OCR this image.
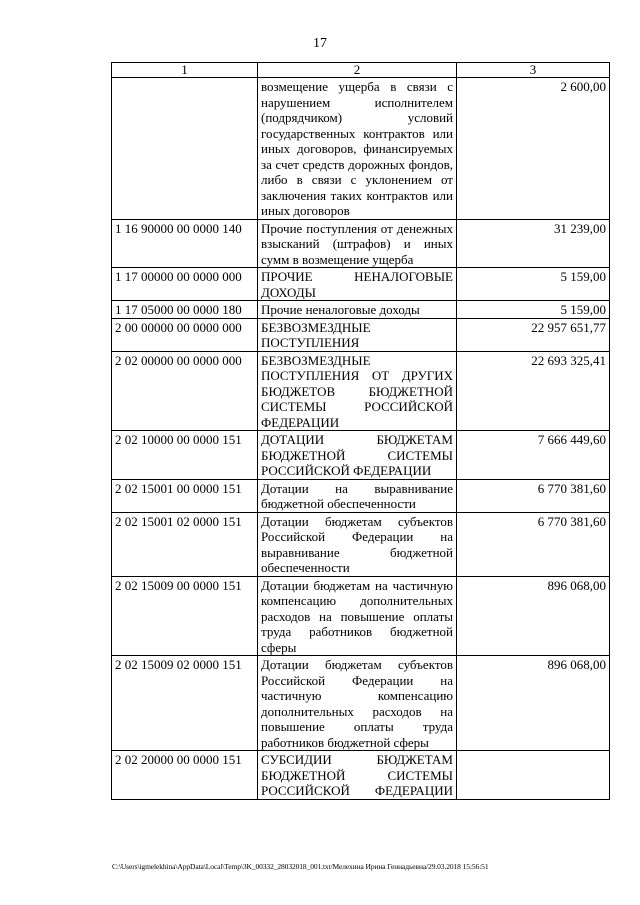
17
1	2	3
	возмещение ущерба в связи с нарушением исполнителем (подрядчиком) условий государственных контрактов или иных договоров, финансируемых за счет средств дорожных фондов, либо в связи с уклонением от заключения таких контрактов или иных договоров	2 600,00
1 16 90000 00 0000 140	Прочие поступления от денежных взысканий (штрафов) и иных сумм в возмещение ущерба	31 239,00
1 17 00000 00 0000 000	ПРОЧИЕ НЕНАЛОГОВЫЕ ДОХОДЫ	5 159,00
1 17 05000 00 0000 180	Прочие неналоговые доходы	5 159,00
2 00 00000 00 0000 000	БЕЗВОЗМЕЗДНЫЕ ПОСТУПЛЕНИЯ	22 957 651,77
2 02 00000 00 0000 000	БЕЗВОЗМЕЗДНЫЕ ПОСТУПЛЕНИЯ ОТ ДРУГИХ БЮДЖЕТОВ БЮДЖЕТНОЙ СИСТЕМЫ РОССИЙСКОЙ ФЕДЕРАЦИИ	22 693 325,41
2 02 10000 00 0000 151	ДОТАЦИИ БЮДЖЕТАМ БЮДЖЕТНОЙ СИСТЕМЫ РОССИЙСКОЙ ФЕДЕРАЦИИ	7 666 449,60
2 02 15001 00 0000 151	Дотации на выравнивание бюджетной обеспеченности	6 770 381,60
2 02 15001 02 0000 151	Дотации бюджетам субъектов Российской Федерации на выравнивание бюджетной обеспеченности	6 770 381,60
2 02 15009 00 0000 151	Дотации бюджетам на частичную компенсацию дополнительных расходов на повышение оплаты труда работников бюджетной сферы	896 068,00
2 02 15009 02 0000 151	Дотации бюджетам субъектов Российской Федерации на частичную компенсацию дополнительных расходов на повышение оплаты труда работников бюджетной сферы	896 068,00
2 02 20000 00 0000 151	СУБСИДИИ БЮДЖЕТАМ БЮДЖЕТНОЙ СИСТЕМЫ РОССИЙСКОЙ ФЕДЕРАЦИИ	
C:\Users\igmelekhina\AppData\Local\Temp\3K_00332_28032018_001.txt/Мелехина Ирина Геннадьевна/29.03.2018 15:56:51
